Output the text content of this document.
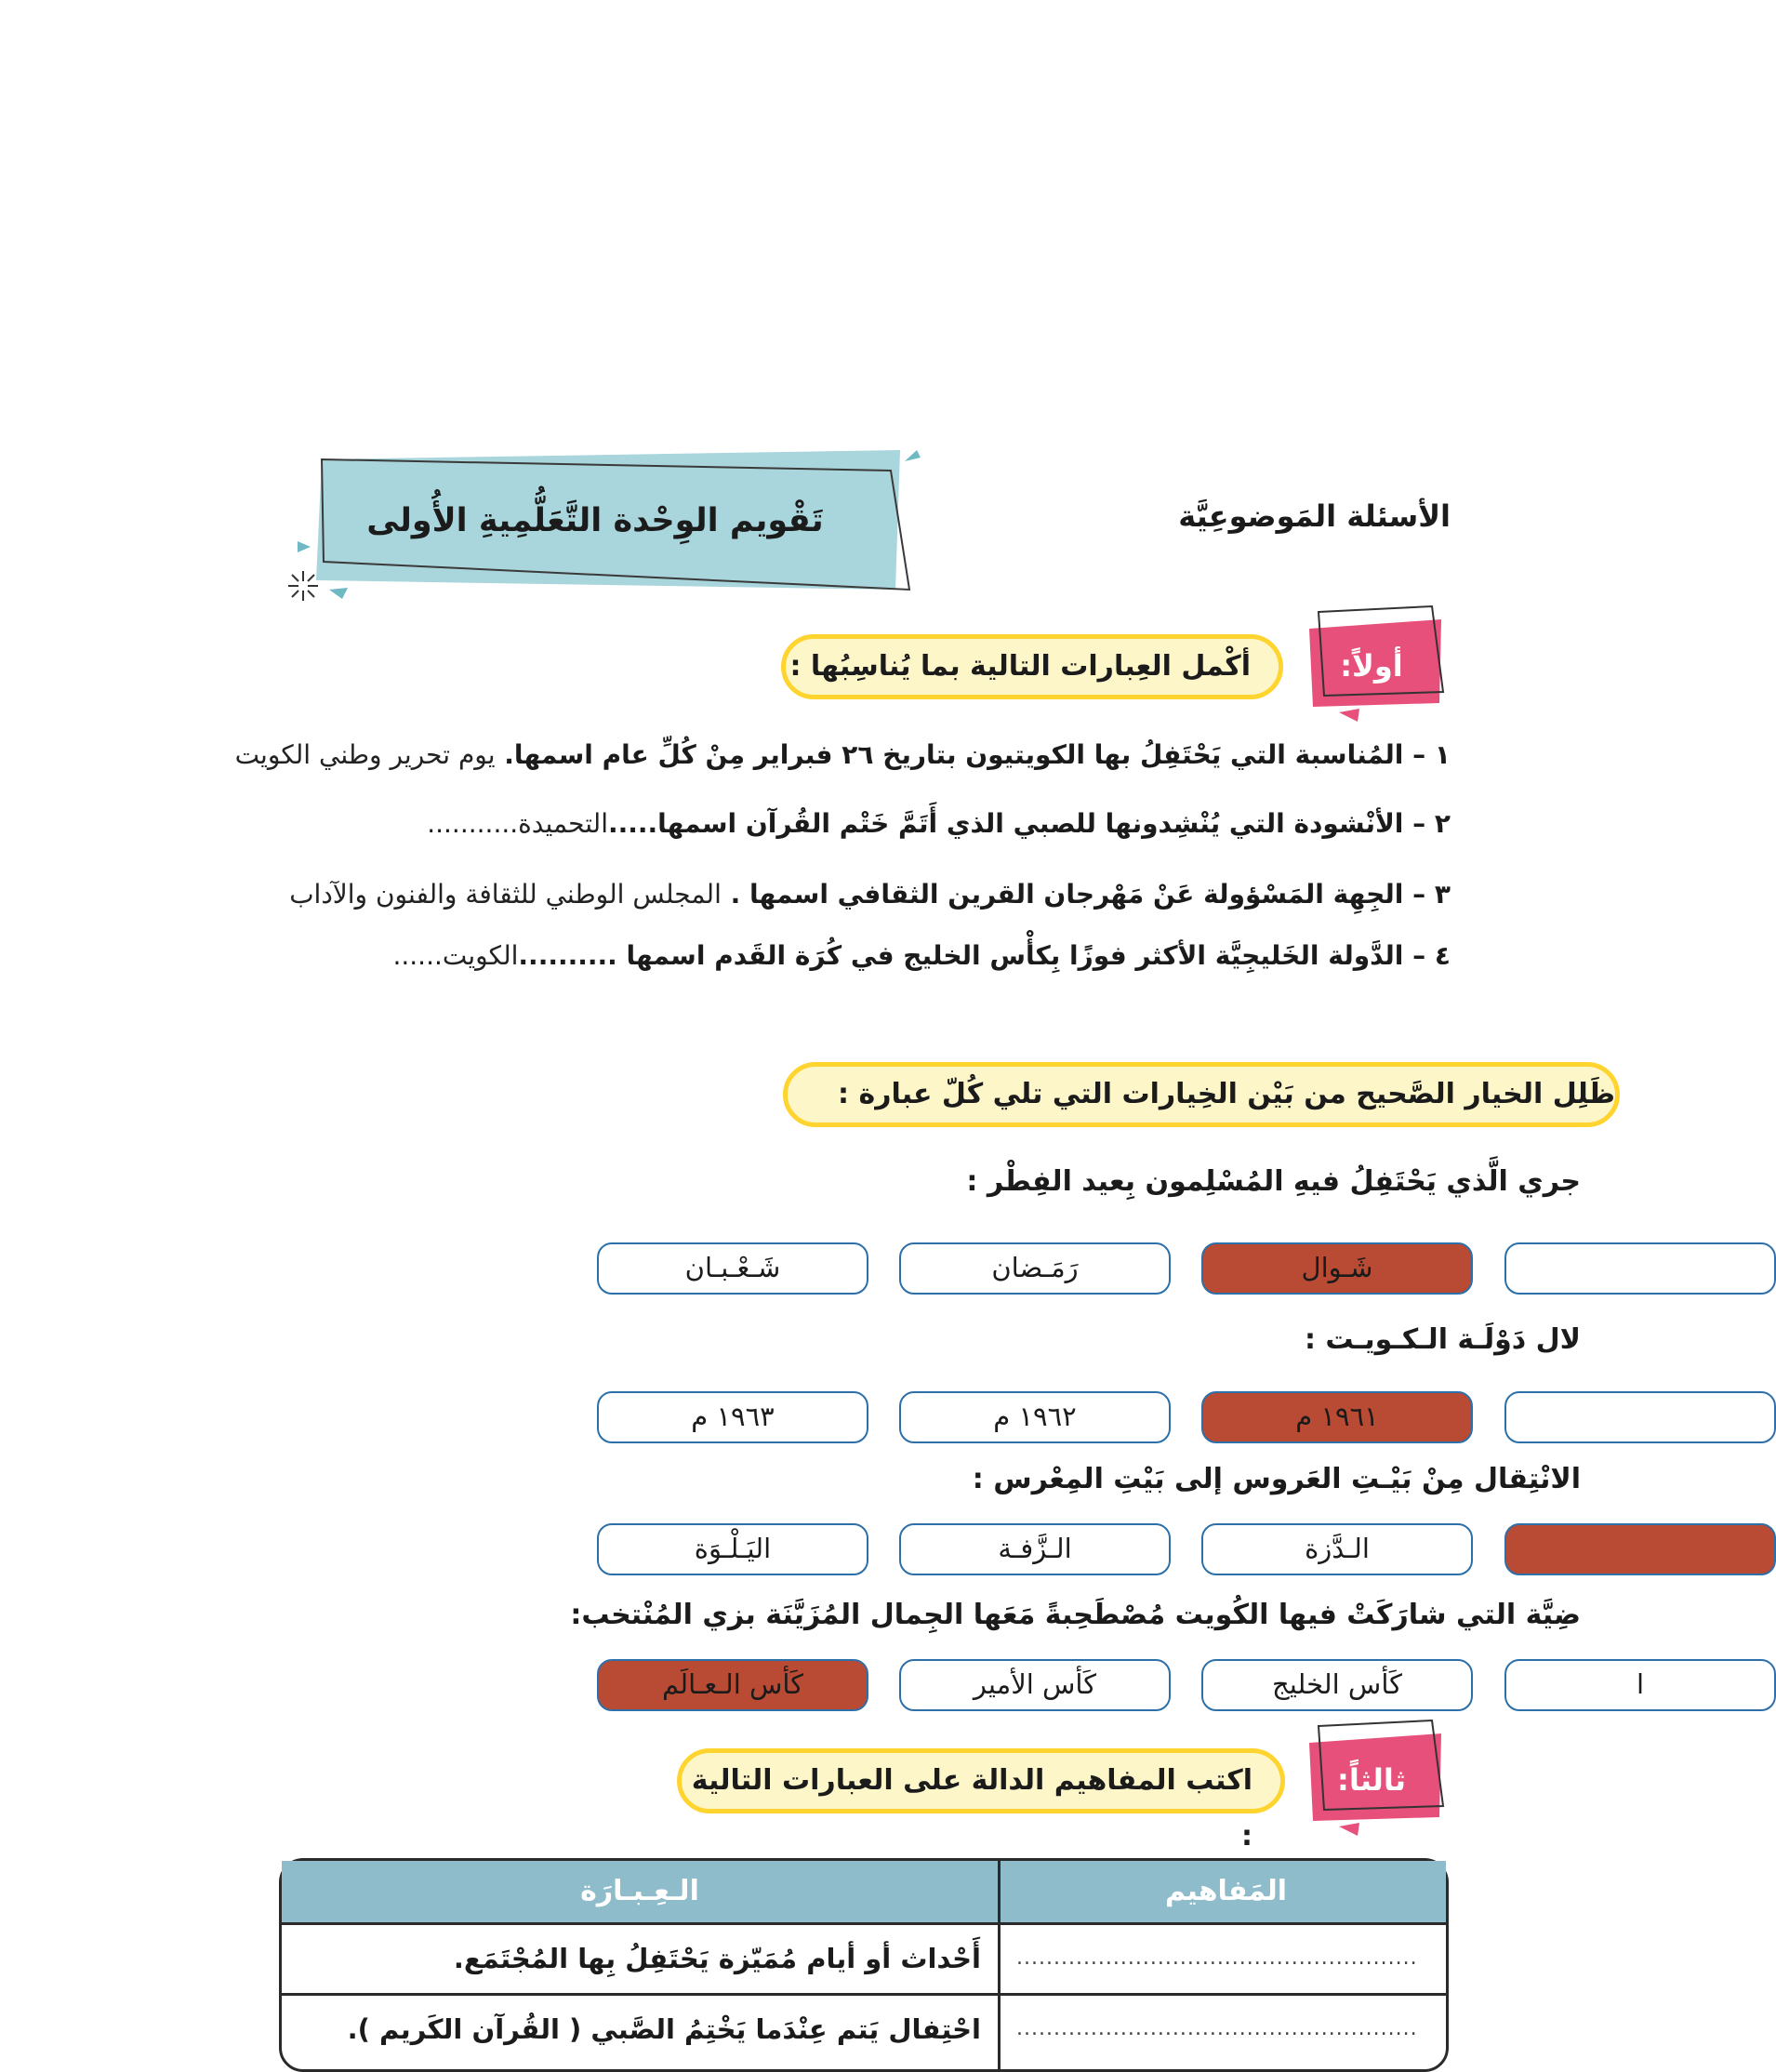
تَقْويم الوِحْدة التَّعَلُّمِيةِ الأُولى	الأسئلة المَوضوعِيَّة
أكْمل العِبارات التالية بما يُناسِبُها :	أولاً:
١ – المُناسبة التي يَحْتَفِلُ بها الكويتيون بتاريخ ٢٦ فبراير مِنْ كُلِّ عام اسمها. يوم تحرير وطني الكويت
٢ – الأنْشودة التي يُنْشِدونها للصبي الذي أَتَمَّ خَتْم القُرآن اسمها.....التحميدة...........
٣ – الجِهِة المَسْؤولة عَنْ مَهْرجان القرين الثقافي اسمها . المجلس الوطني للثقافة والفنون والآداب
٤ – الدَّولة الخَليجِيَّة الأكثر فوزًا بِكأْس الخليج في كُرَة القَدم اسمها ..........الكويت......
ظَلِل الخيار الصَّحيح من بَيْن الخِيارات التي تلي كُلّ عبارة :
جري الَّذي يَحْتَفِلُ فيهِ المُسْلِمون بِعيد الفِطْر :
شَـعْـبـان	رَمَـضان	شَـوال
لال دَوْلَـة الـكـويـت :
١٩٦٣ م	١٩٦٢ م	١٩٦١ م
الانْتِقال مِنْ بَيْـتِ العَروس إلى بَيْتِ المِعْرس :
اليَـلْـوَة	الـزَّفـة	الـدَّزة
ضِيَّة التي شارَكَتْ فيها الكُويت مُصْطَحِبةً مَعَها الجِمال المُزَيَّنَة بزي المُنْتخب:
كَأس الـعـالَم	كَأس الأمير	كَأس الخليج	ا
اكتب المفاهيم الدالة على العبارات التالية :
ثالثاً:
الـعِـبـارَة	المَفاهيم
أَحْداث أو أيام مُمَيّزة يَحْتَفِلُ بِها المُجْتَمَع. ......................................................
احْتِفال يَتم عِنْدَما يَخْتِمُ الصَّبي ( القُرآن الكَريم ). ......................................................
